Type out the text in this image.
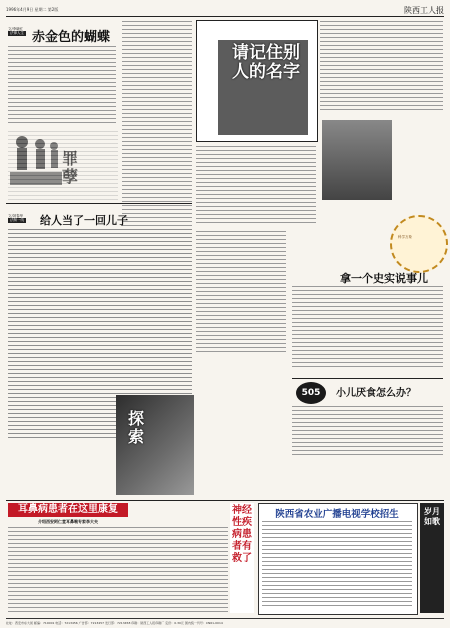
1996年4月9日 星期二 第2版	陕西工人报
法律人生
文/李晓红
赤金色的蝴蝶
罪 孽
法制一线
文/刘春华 给人当了一回儿子
探索
请记住别人的名字
科学万象
拿一个史实说事儿
505	小儿厌食怎么办？
耳鼻病患者在这里康复
介绍西安阿仁堂耳鼻喉专家李大夫
神经性疾病患者有救了
陕西省农业广播电视学校招生	岁月如歌
社址：西安市东大街 邮编：710001 电话：7213456 广告部：7213457 发行部：7213458 印刷：陕西工人报印刷厂 定价：0.30元 国内统一刊号：CN61-0014
